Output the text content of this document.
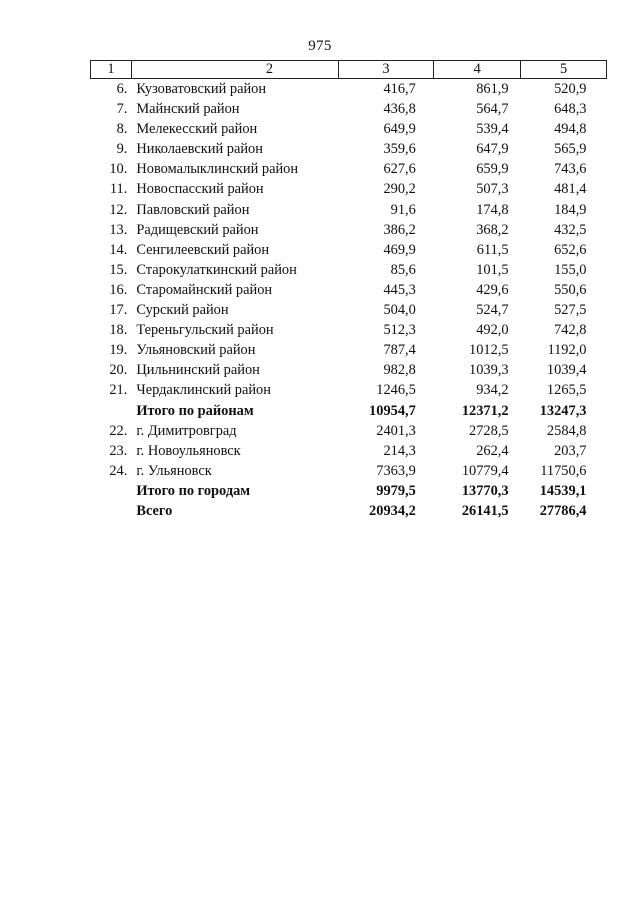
975
1	2	3	4	5
6.	Кузоватовский район	416,7	861,9	520,9
7.	Майнский район	436,8	564,7	648,3
8.	Мелекесский район	649,9	539,4	494,8
9.	Николаевский район	359,6	647,9	565,9
10.	Новомалыклинский район	627,6	659,9	743,6
11.	Новоспасский район	290,2	507,3	481,4
12.	Павловский район	91,6	174,8	184,9
13.	Радищевский район	386,2	368,2	432,5
14.	Сенгилеевский район	469,9	611,5	652,6
15.	Старокулаткинский район	85,6	101,5	155,0
16.	Старомайнский район	445,3	429,6	550,6
17.	Сурский район	504,0	524,7	527,5
18.	Тереньгульский район	512,3	492,0	742,8
19.	Ульяновский район	787,4	1012,5	1192,0
20.	Цильнинский район	982,8	1039,3	1039,4
21.	Чердаклинский район	1246,5	934,2	1265,5
	Итого по районам	10954,7	12371,2	13247,3
22.	г. Димитровград	2401,3	2728,5	2584,8
23.	г. Новоульяновск	214,3	262,4	203,7
24.	г. Ульяновск	7363,9	10779,4	11750,6
	Итого по городам	9979,5	13770,3	14539,1
	Всего	20934,2	26141,5	27786,4
